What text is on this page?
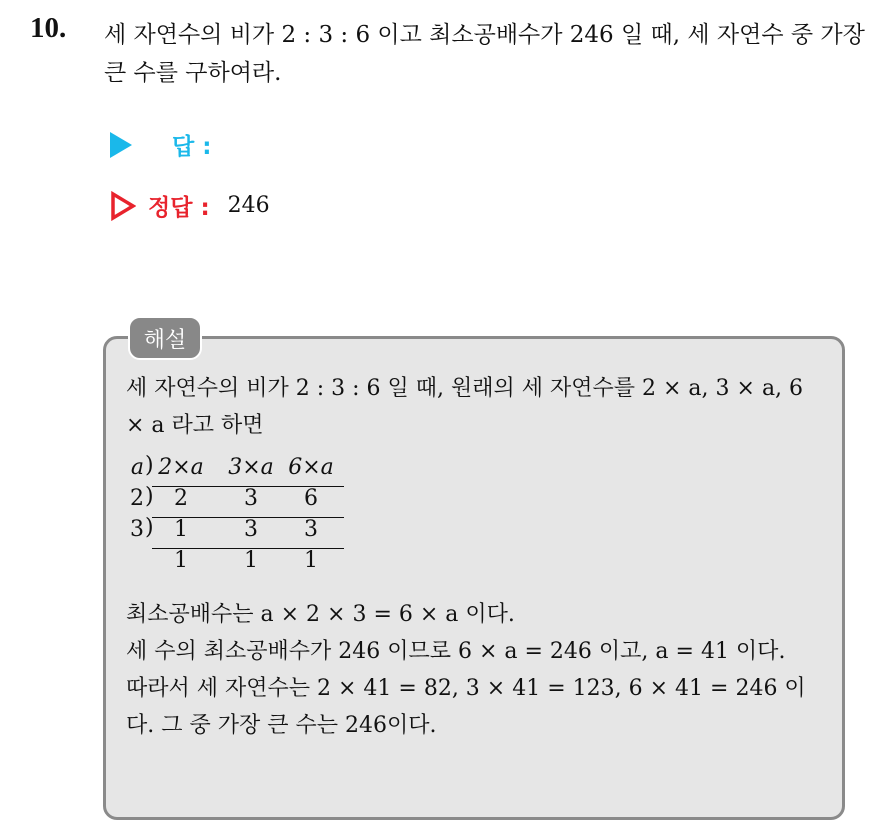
10. 세 자연수의 비가 2 : 3 : 6 이고 최소공배수가 246 일 때, 세 자연수 중 가장 큰 수를 구하여라.

답 :
정답 : 246
해설

세 자연수의 비가 2 : 3 : 6 일 때, 원래의 세 자연수를 2 × a, 3 × a, 6 × a 라고 하면

a ) 2×a 3×a 6×a
2 ) 2	3	6
3 ) 1	3	3
1	1	1

최소공배수는 a × 2 × 3 = 6 × a 이다.
세 수의 최소공배수가 246 이므로 6 × a = 246 이고, a = 41 이다.
따라서 세 자연수는 2 × 41 = 82, 3 × 41 = 123, 6 × 41 = 246 이다. 그 중 가장 큰 수는 246이다.
